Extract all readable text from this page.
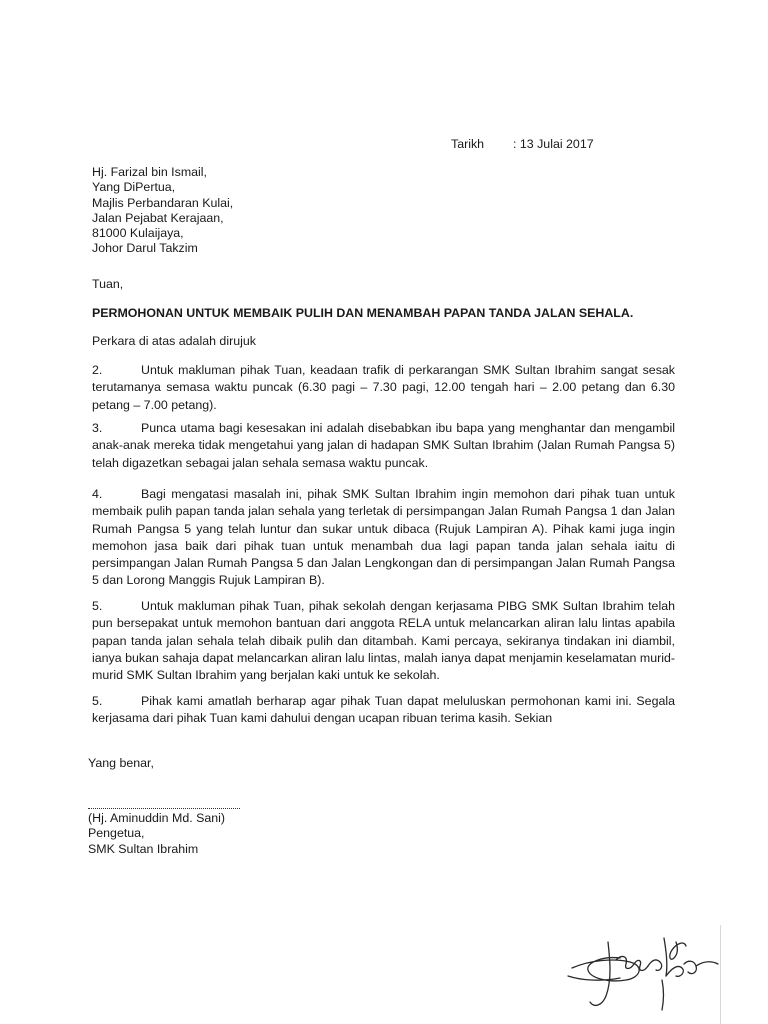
Tarikh : 13 Julai 2017
Hj. Farizal bin Ismail,
Yang DiPertua,
Majlis Perbandaran Kulai,
Jalan Pejabat Kerajaan,
81000 Kulaijaya,
Johor Darul Takzim
Tuan,
PERMOHONAN UNTUK MEMBAIK PULIH DAN MENAMBAH PAPAN TANDA JALAN SEHALA.
Perkara di atas adalah dirujuk

2.	Untuk makluman pihak Tuan, keadaan trafik di perkarangan SMK Sultan Ibrahim sangat sesak terutamanya semasa waktu puncak (6.30 pagi – 7.30 pagi, 12.00 tengah hari – 2.00 petang dan 6.30 petang – 7.00 petang).

3.	Punca utama bagi kesesakan ini adalah disebabkan ibu bapa yang menghantar dan mengambil anak-anak mereka tidak mengetahui yang jalan di hadapan SMK Sultan Ibrahim (Jalan Rumah Pangsa 5) telah digazetkan sebagai jalan sehala semasa waktu puncak.

4.	Bagi mengatasi masalah ini, pihak SMK Sultan Ibrahim ingin memohon dari pihak tuan untuk membaik pulih papan tanda jalan sehala yang terletak di persimpangan Jalan Rumah Pangsa 1 dan Jalan Rumah Pangsa 5 yang telah luntur dan sukar untuk dibaca (Rujuk Lampiran A). Pihak kami juga ingin memohon jasa baik dari pihak tuan untuk menambah dua lagi papan tanda jalan sehala iaitu di persimpangan Jalan Rumah Pangsa 5 dan Jalan Lengkongan dan di persimpangan Jalan Rumah Pangsa 5 dan Lorong Manggis Rujuk Lampiran B).

5.	Untuk makluman pihak Tuan, pihak sekolah dengan kerjasama PIBG SMK Sultan Ibrahim telah pun bersepakat untuk memohon bantuan dari anggota RELA untuk melancarkan aliran lalu lintas apabila papan tanda jalan sehala telah dibaik pulih dan ditambah. Kami percaya, sekiranya tindakan ini diambil, ianya bukan sahaja dapat melancarkan aliran lalu lintas, malah ianya dapat menjamin keselamatan murid-murid SMK Sultan Ibrahim yang berjalan kaki untuk ke sekolah.

5.	Pihak kami amatlah berharap agar pihak Tuan dapat meluluskan permohonan kami ini. Segala kerjasama dari pihak Tuan kami dahului dengan ucapan ribuan terima kasih. Sekian

Yang benar,
(Hj. Aminuddin Md. Sani)
Pengetua,
SMK Sultan Ibrahim
